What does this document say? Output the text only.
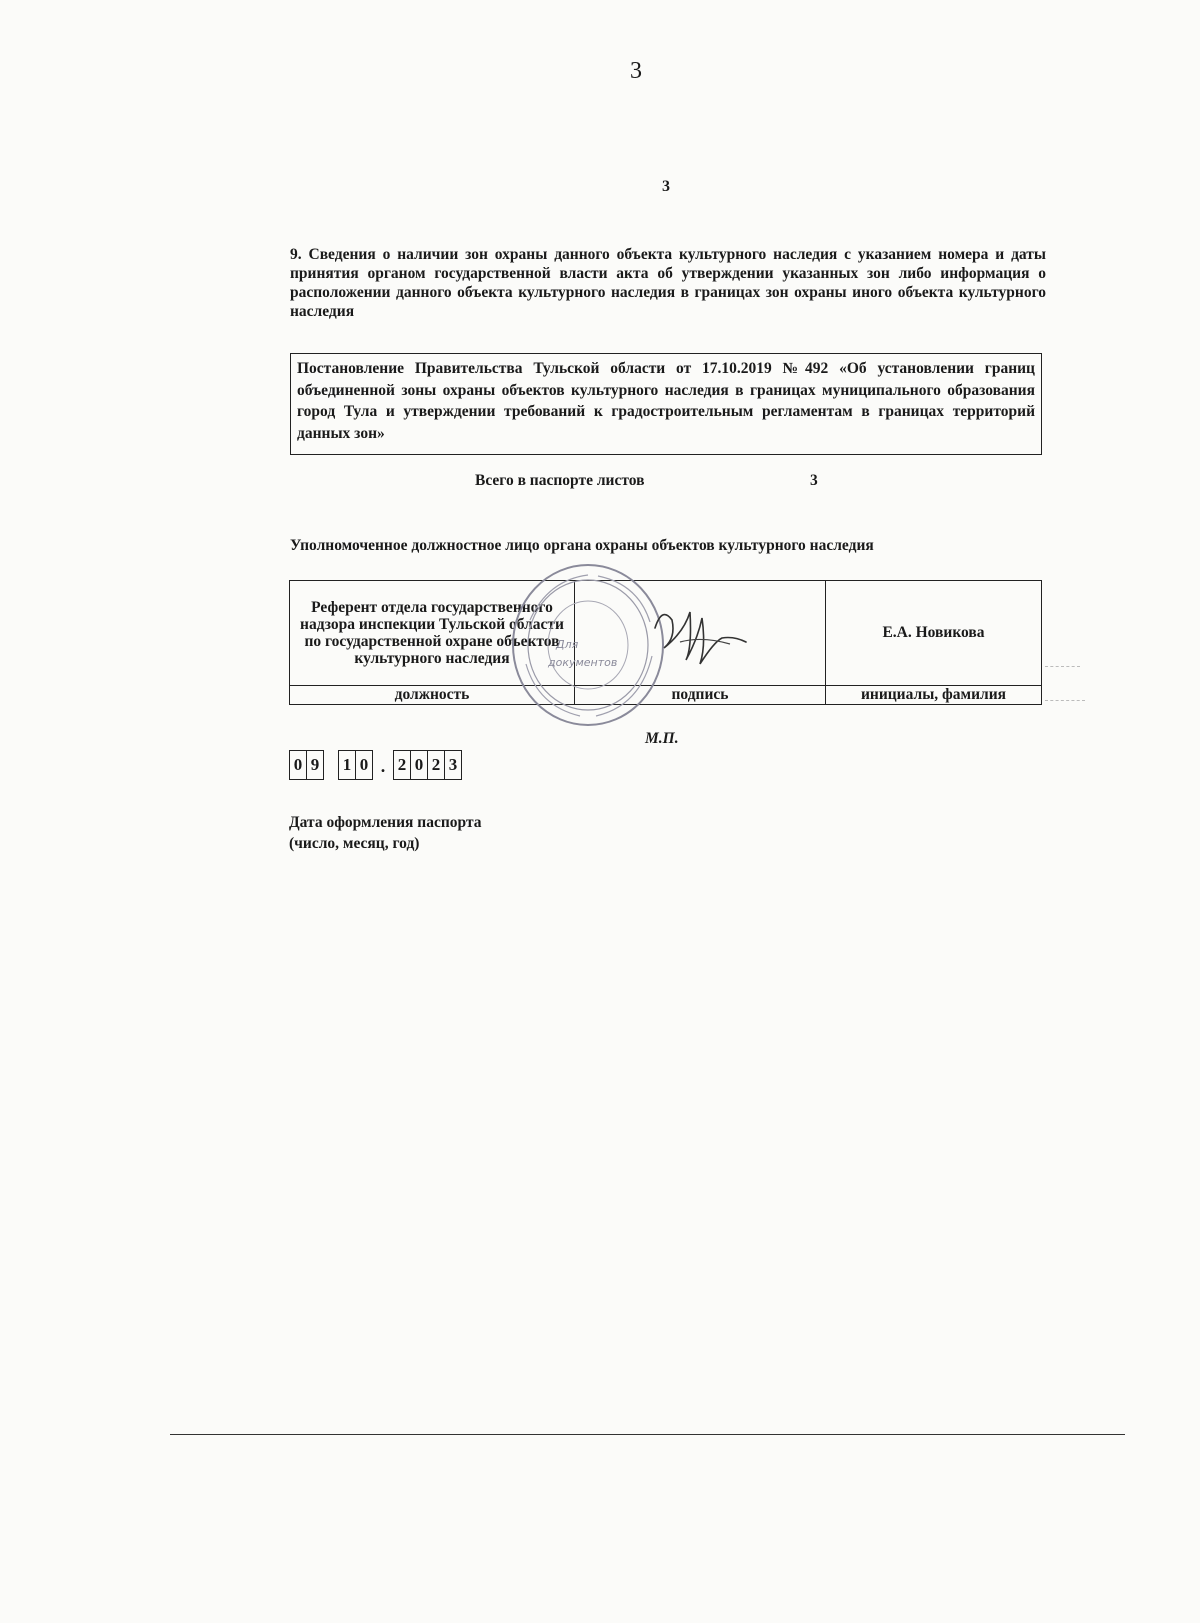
3
3
9. Сведения о наличии зон охраны данного объекта культурного наследия с указанием номера и даты принятия органом государственной власти акта об утверждении указанных зон либо информация о расположении данного объекта культурного наследия в границах зон охраны иного объекта культурного наследия
Постановление Правительства Тульской области от 17.10.2019 №492 «Об установлении границ объединенной зоны охраны объектов культурного наследия в границах муниципального образования город Тула и утверждении требований к градостроительным регламентам в границах территорий данных зон»
Всего в паспорте листов	3
Уполномоченное должностное лицо органа охраны объектов культурного наследия
Референт отдела государственного надзора инспекции Тульской области по государственной охране объектов культурного наследия		Е.А. Новикова
должность	подпись	инициалы, фамилия
Для
документов
М.П.
0 9 1 0 . 2 0 2 3
Дата оформления паспорта
(число, месяц, год)
